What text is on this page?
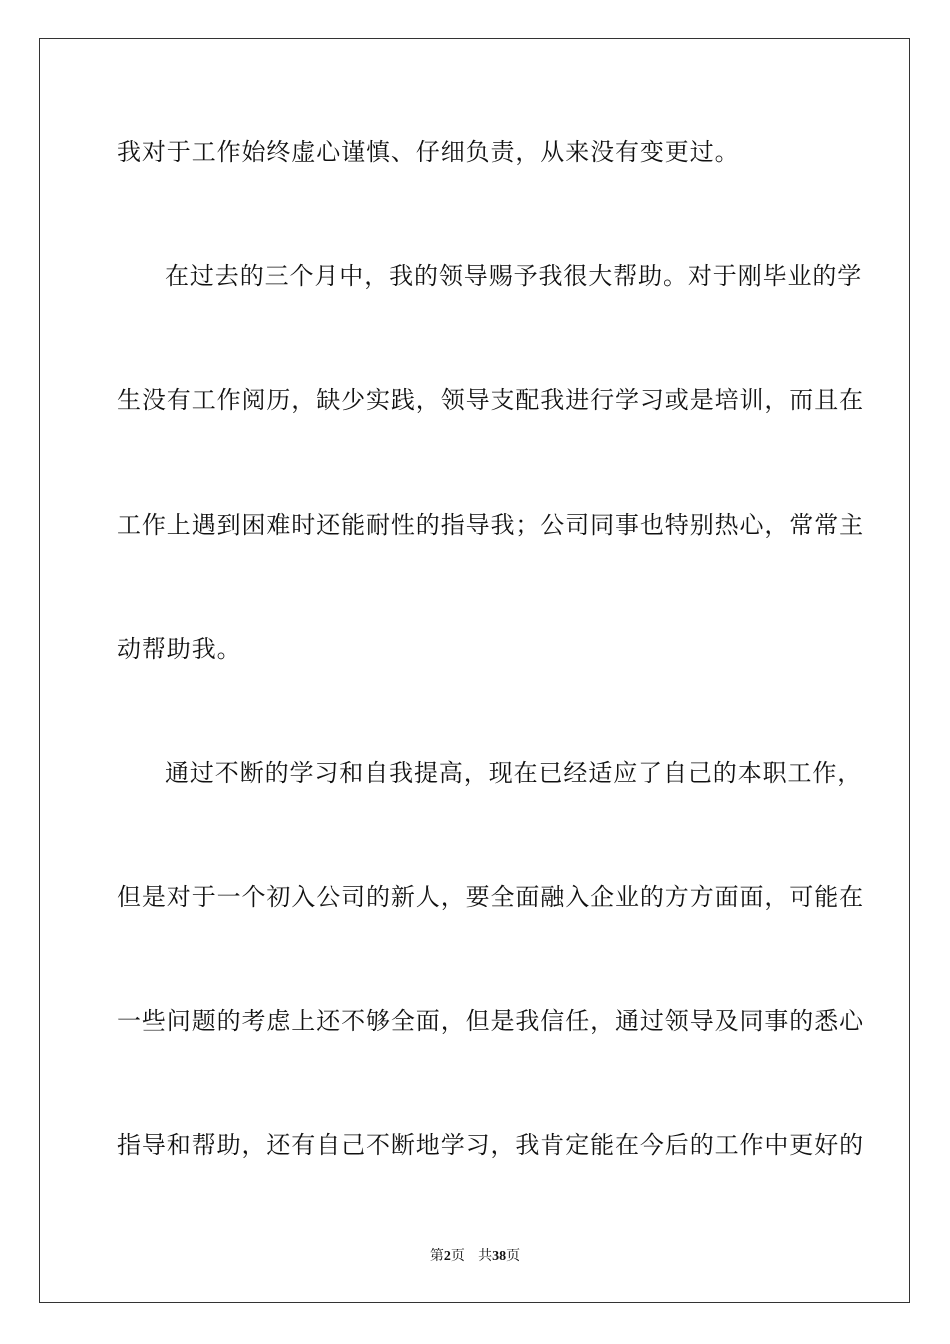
我对于工作始终虚心谨慎、仔细负责，从来没有变更过。
在过去的三个月中，我的领导赐予我很大帮助。对于刚毕业的学
生没有工作阅历，缺少实践，领导支配我进行学习或是培训，而且在
工作上遇到困难时还能耐性的指导我；公司同事也特别热心，常常主
动帮助我。
通过不断的学习和自我提高，现在已经适应了自己的本职工作，
但是对于一个初入公司的新人，要全面融入企业的方方面面，可能在
一些问题的考虑上还不够全面，但是我信任，通过领导及同事的悉心
指导和帮助，还有自己不断地学习，我肯定能在今后的工作中更好的
第2页 共38页
